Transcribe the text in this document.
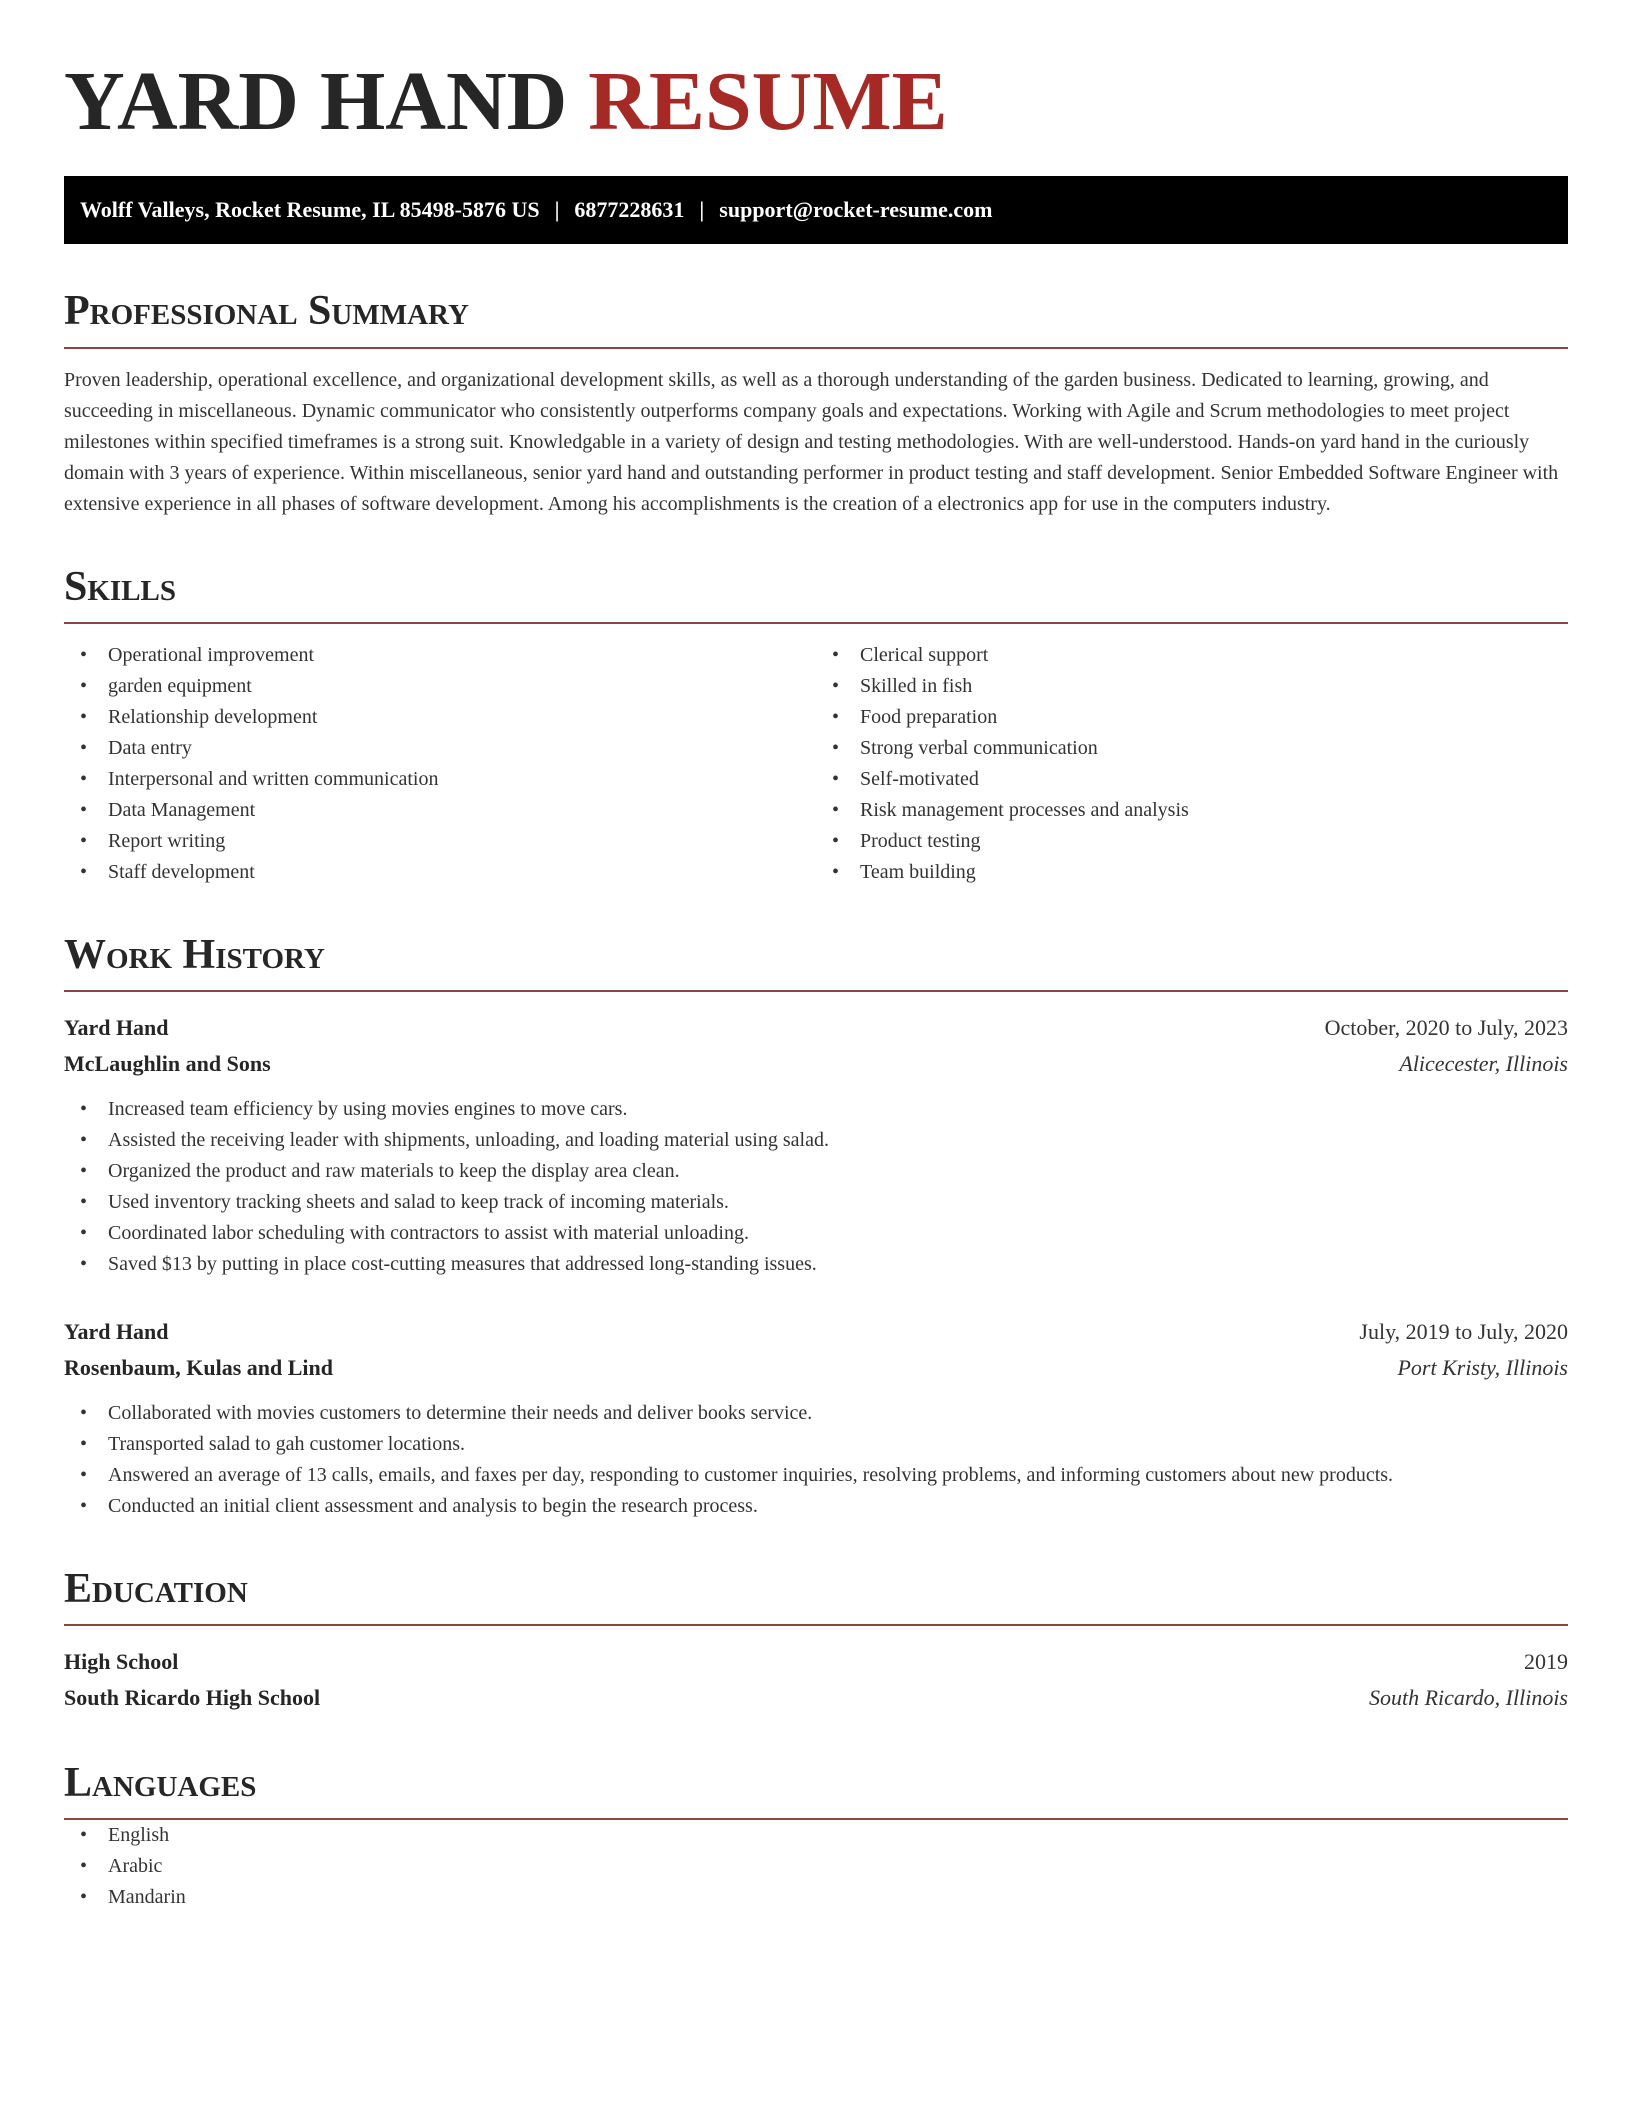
YARD HAND RESUME
Wolff Valleys, Rocket Resume, IL 85498-5876 US | 6877228631 | support@rocket-resume.com
Professional Summary

Proven leadership, operational excellence, and organizational development skills, as well as a thorough understanding of the garden business. Dedicated to learning, growing, and succeeding in miscellaneous. Dynamic communicator who consistently outperforms company goals and expectations. Working with Agile and Scrum methodologies to meet project milestones within specified timeframes is a strong suit. Knowledgable in a variety of design and testing methodologies. With are well-understood. Hands-on yard hand in the curiously domain with 3 years of experience. Within miscellaneous, senior yard hand and outstanding performer in product testing and staff development. Senior Embedded Software Engineer with extensive experience in all phases of software development. Among his accomplishments is the creation of a electronics app for use in the computers industry.

Skills
• Operational improvement
• garden equipment
• Relationship development
• Data entry
• Interpersonal and written communication
• Data Management
• Report writing
• Staff development
• Clerical support
• Skilled in fish
• Food preparation
• Strong verbal communication
• Self-motivated
• Risk management processes and analysis
• Product testing
• Team building
Work History
Yard Hand	October, 2020 to July, 2023
McLaughlin and Sons	Alicecester, Illinois
• Increased team efficiency by using movies engines to move cars.
• Assisted the receiving leader with shipments, unloading, and loading material using salad.
• Organized the product and raw materials to keep the display area clean.
• Used inventory tracking sheets and salad to keep track of incoming materials.
• Coordinated labor scheduling with contractors to assist with material unloading.
• Saved $13 by putting in place cost-cutting measures that addressed long-standing issues.
Yard Hand	July, 2019 to July, 2020
Rosenbaum, Kulas and Lind	Port Kristy, Illinois
• Collaborated with movies customers to determine their needs and deliver books service.
• Transported salad to gah customer locations.
• Answered an average of 13 calls, emails, and faxes per day, responding to customer inquiries, resolving problems, and informing customers about new products.
• Conducted an initial client assessment and analysis to begin the research process.
Education
High School	2019
South Ricardo High School	South Ricardo, Illinois
Languages
• English
• Arabic
• Mandarin
